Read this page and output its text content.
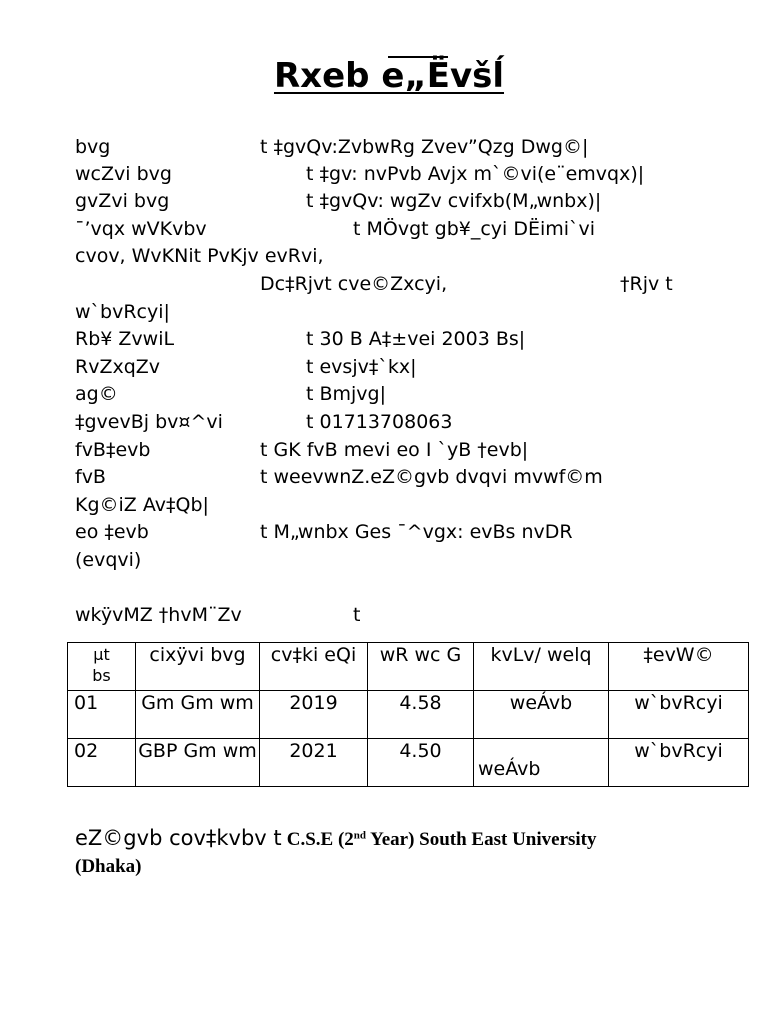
Rxeb e„Ëvšĺ
bvg	t ‡gvQv:ZvbwRg Zvev”Qzg Dwg©|
wcZvi bvg	t ‡gv: nvPvb Avjx m`©vi(e¨emvqx)|
gvZvi bvg	t ‡gvQv: wgZv cvifxb(M„wnbx)|
¯’vqx wVKvbv	t MÖvgt gb¥_cyi DËimi`vi
cvov, WvKNit PvKjv evRvi,
Dc‡Rjvt cve©Zxcyi,	†Rjv t
w`bvRcyi|
Rb¥ ZvwiL	t 30 B A‡±vei 2003 Bs|
RvZxqZv	t evsjv‡`kx|
ag©	t Bmjvg|
‡gvevBj bv¤^vi	t 01713708063
fvB‡evb	t GK fvB mevi eo I `yB †evb|
fvB	t weevwnZ.eZ©gvb dvqvi mvwf©m
Kg©iZ Av‡Qb|
eo ‡evb	t M„wnbx Ges ¯^vgx: evBs nvDR
(evqvi)
wkÿvMZ †hvM¨Zv	t
µt
bs	cixÿvi bvg	cv‡ki eQi	wR wc G	kvLv/ welq	‡evW©
01	Gm Gm wm	2019	4.58	weÁvb	w`bvRcyi
02	GBP Gm wm	2021	4.50	weÁvb	w`bvRcyi
eZ©gvb cov‡kvbv t C.S.E (2nd Year) South East University
(Dhaka)
